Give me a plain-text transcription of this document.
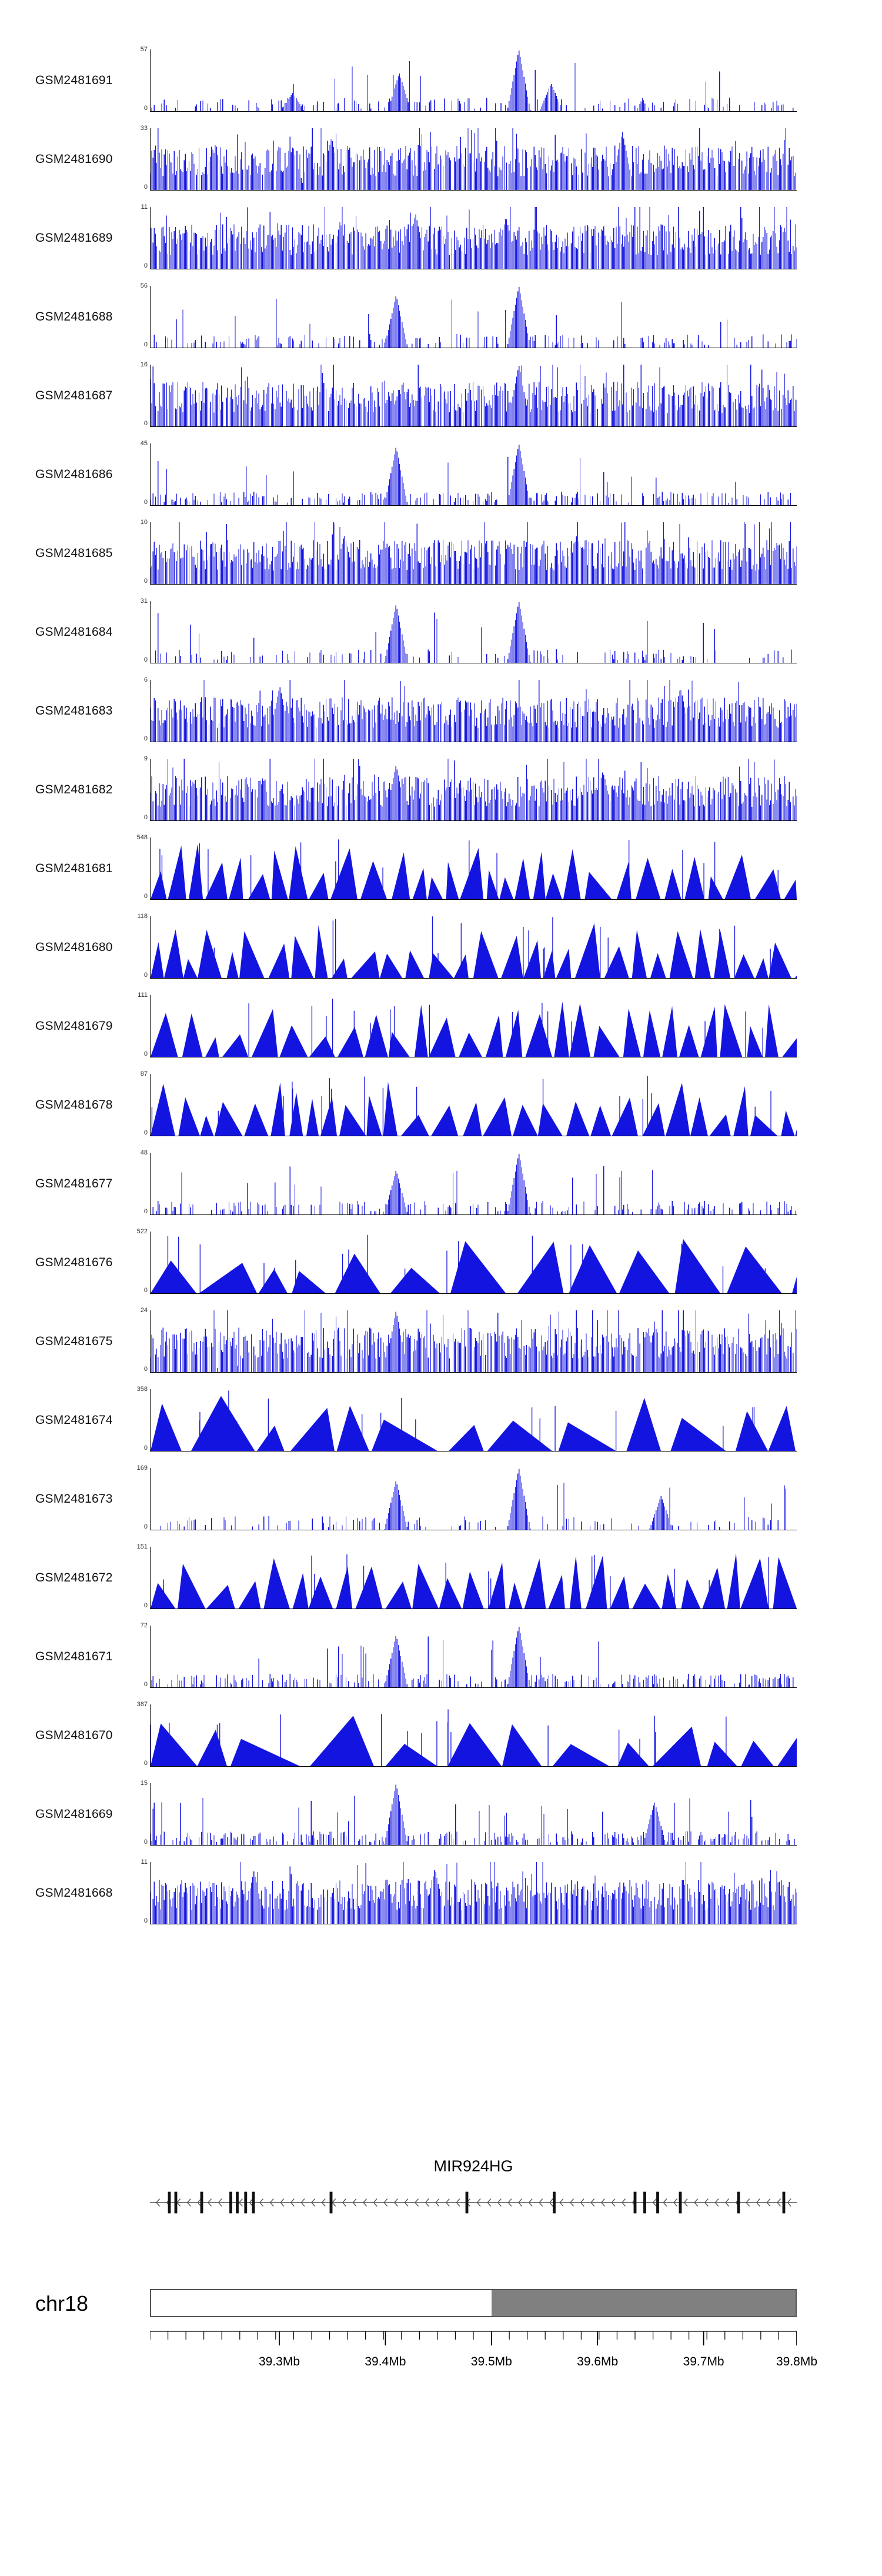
GSM2481691
57
0
GSM2481690
33
0
GSM2481689
11
0
GSM2481688
56
0
GSM2481687
16
0
GSM2481686
45
0
GSM2481685
10
0
GSM2481684
31
0
GSM2481683
6
0
GSM2481682
9
0
GSM2481681
548
0
GSM2481680
118
0
GSM2481679
111
0
GSM2481678
87
0
GSM2481677
48
0
GSM2481676
522
0
GSM2481675
24
0
GSM2481674
358
0
GSM2481673
169
0
GSM2481672
151
0
GSM2481671
72
0
GSM2481670
387
0
GSM2481669
15
0
GSM2481668
11
0
MIR924HG
chr18
39.3Mb	39.4Mb	39.5Mb	39.6Mb	39.7Mb	39.8Mb
